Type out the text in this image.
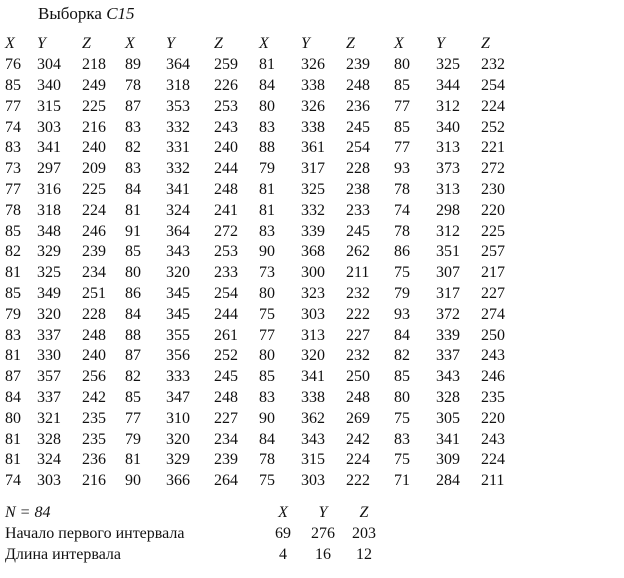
Выборка C15
X	Y	Z	X	Y	Z	X	Y	Z	X	Y	Z
76	304	218	89	364	259	81	326	239	80	325	232
85	340	249	78	318	226	84	338	248	85	344	254
77	315	225	87	353	253	80	326	236	77	312	224
74	303	216	83	332	243	83	338	245	85	340	252
83	341	240	82	331	240	88	361	254	77	313	221
73	297	209	83	332	244	79	317	228	93	373	272
77	316	225	84	341	248	81	325	238	78	313	230
78	318	224	81	324	241	81	332	233	74	298	220
85	348	246	91	364	272	83	339	245	78	312	225
82	329	239	85	343	253	90	368	262	86	351	257
81	325	234	80	320	233	73	300	211	75	307	217
85	349	251	86	345	254	80	323	232	79	317	227
79	320	228	84	345	244	75	303	222	93	372	274
83	337	248	88	355	261	77	313	227	84	339	250
81	330	240	87	356	252	80	320	232	82	337	243
87	357	256	82	333	245	85	341	250	85	343	246
84	337	242	85	347	248	83	338	248	80	328	235
80	321	235	77	310	227	90	362	269	75	305	220
81	328	235	79	320	234	84	343	242	83	341	243
81	324	236	81	329	239	78	315	224	75	309	224
74	303	216	90	366	264	75	303	222	71	284	211
N = 84	X	Y	Z
Начало первого интервала	69	276	203
Длина интервала	4	16	12
